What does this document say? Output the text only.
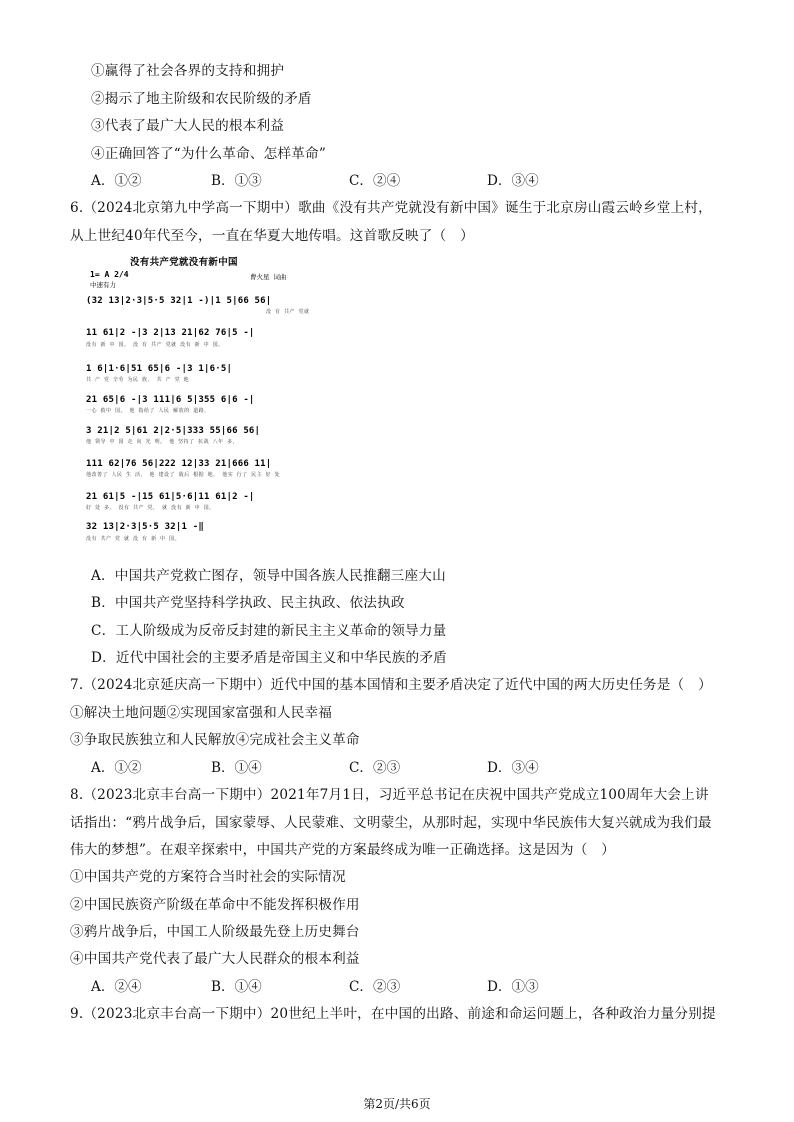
①赢得了社会各界的支持和拥护
②揭示了地主阶级和农民阶级的矛盾
③代表了最广大人民的根本利益
④正确回答了“为什么革命、怎样革命”
A．①②	B．①③	C．②④	D．③④
6.（2024北京第九中学高一下期中）歌曲《没有共产党就没有新中国》诞生于北京房山霞云岭乡堂上村，
从上世纪40年代至今，一直在华夏大地传唱。这首歌反映了（　）
没有共产党就没有新中国
1= A 2/4
中速有力
曹火星 词曲
(32 13|2·3|5·5 32|1 -)|1 5|66 56|
没 有 共产 党就
11 61|2 -|3 2|13 21|62 76|5 -|
没有 新 中 国。 没 有 共产 党就 没有 新 中 国。
1 6|1·6|51 65|6 -|3 1|6·5|
共 产 党 辛劳 为民 族， 共 产 党 他
21 65|6 -|3 111|6 5|355 6|6 -|
一心 救中 国。 他 指给了 人民 解放的 道路，
3 21|2 5|61 2|2·5|333 55|66 56|
他 领导 中 国 走 向 光 明。 他 坚持了 抗战 八年 多，
111 62|76 56|222 12|33 21|666 11|
他改善了 人民 生 活， 他 建设了 敌后 根据 地， 他实 行了 民主 好 处
21 61|5 -|15 61|5·6|11 61|2 -|
好 处 多。 没有 共产 党， 就 没有 新 中 国。
32 13|2·3|5·5 32|1 -‖
没有 共产 党 就 没 有 新 中 国。
A．中国共产党救亡图存，领导中国各族人民推翻三座大山
B．中国共产党坚持科学执政、民主执政、依法执政
C．工人阶级成为反帝反封建的新民主主义革命的领导力量
D．近代中国社会的主要矛盾是帝国主义和中华民族的矛盾
7.（2024北京延庆高一下期中）近代中国的基本国情和主要矛盾决定了近代中国的两大历史任务是（　）
①解决土地问题②实现国家富强和人民幸福
③争取民族独立和人民解放④完成社会主义革命
A．①②	B．①④	C．②③	D．③④
8.（2023北京丰台高一下期中）2021年7月1日，习近平总书记在庆祝中国共产党成立100周年大会上讲
话指出：“鸦片战争后，国家蒙辱、人民蒙难、文明蒙尘，从那时起，实现中华民族伟大复兴就成为我们最
伟大的梦想”。在艰辛探索中，中国共产党的方案最终成为唯一正确选择。这是因为（　）
①中国共产党的方案符合当时社会的实际情况
②中国民族资产阶级在革命中不能发挥积极作用
③鸦片战争后，中国工人阶级最先登上历史舞台
④中国共产党代表了最广大人民群众的根本利益
A．②④	B．①④	C．②③	D．①③
9.（2023北京丰台高一下期中）20世纪上半叶，在中国的出路、前途和命运问题上，各种政治力量分别提
第2页/共6页
